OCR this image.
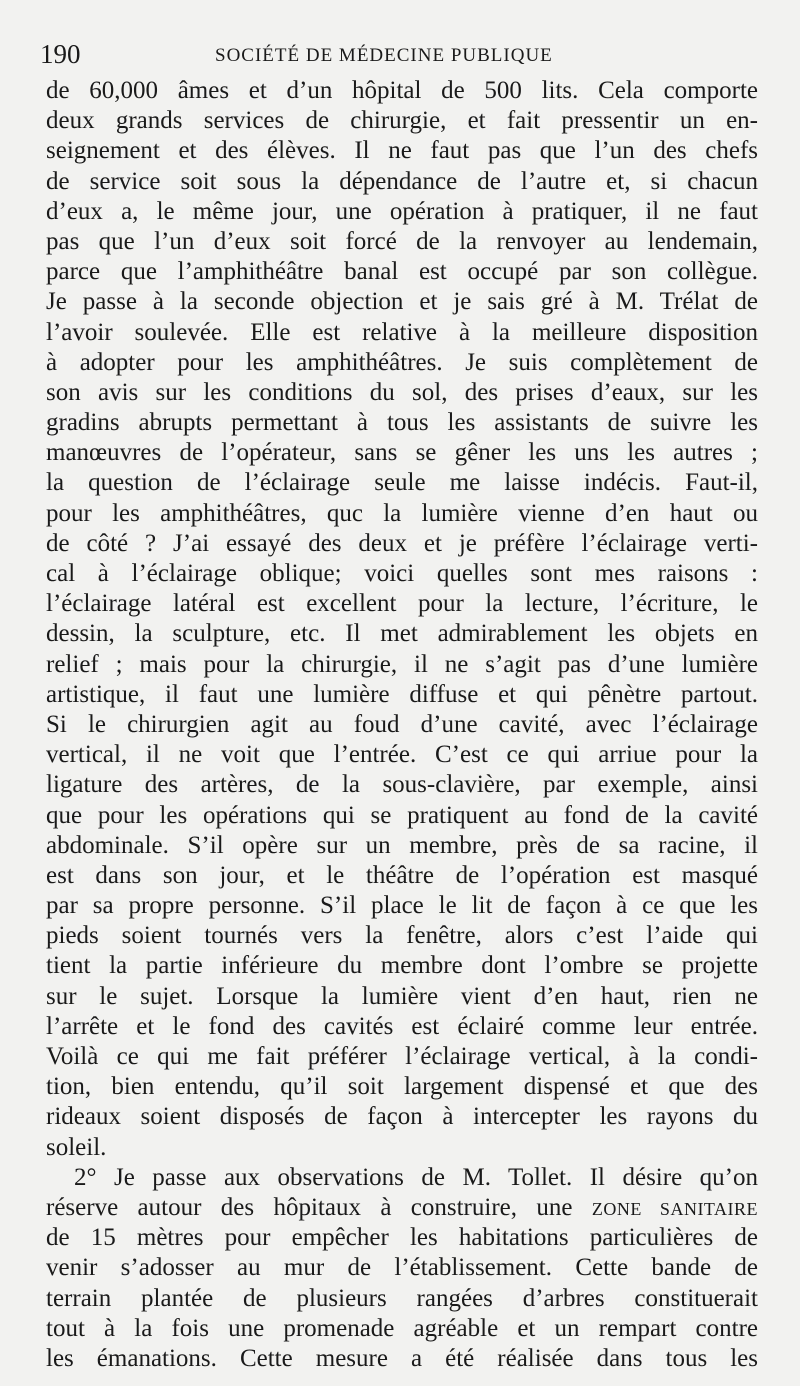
190	SOCIÉTÉ DE MÉDECINE PUBLIQUE
de 60,000 âmes et d’un hôpital de 500 lits. Cela comporte
deux grands services de chirurgie, et fait pressentir un en-
seignement et des élèves. Il ne faut pas que l’un des chefs
de service soit sous la dépendance de l’autre et, si chacun
d’eux a, le même jour, une opération à pratiquer, il ne faut
pas que l’un d’eux soit forcé de la renvoyer au lendemain,
parce que l’amphithéâtre banal est occupé par son collègue.
Je passe à la seconde objection et je sais gré à M. Trélat de
l’avoir soulevée. Elle est relative à la meilleure disposition
à adopter pour les amphithéâtres. Je suis complètement de
son avis sur les conditions du sol, des prises d’eaux, sur les
gradins abrupts permettant à tous les assistants de suivre les
manœuvres de l’opérateur, sans se gêner les uns les autres ;
la question de l’éclairage seule me laisse indécis. Faut-il,
pour les amphithéâtres, quc la lumière vienne d’en haut ou
de côté ? J’ai essayé des deux et je préfère l’éclairage verti-
cal à l’éclairage oblique; voici quelles sont mes raisons :
l’éclairage latéral est excellent pour la lecture, l’écriture, le
dessin, la sculpture, etc. Il met admirablement les objets en
relief ; mais pour la chirurgie, il ne s’agit pas d’une lumière
artistique, il faut une lumière diffuse et qui pênètre partout.
Si le chirurgien agit au foud d’une cavité, avec l’éclairage
vertical, il ne voit que l’entrée. C’est ce qui arriue pour la
ligature des artères, de la sous-clavière, par exemple, ainsi
que pour les opérations qui se pratiquent au fond de la cavité
abdominale. S’il opère sur un membre, près de sa racine, il
est dans son jour, et le théâtre de l’opération est masqué
par sa propre personne. S’il place le lit de façon à ce que les
pieds soient tournés vers la fenêtre, alors c’est l’aide qui
tient la partie inférieure du membre dont l’ombre se projette
sur le sujet. Lorsque la lumière vient d’en haut, rien ne
l’arrête et le fond des cavités est éclairé comme leur entrée.
Voilà ce qui me fait préférer l’éclairage vertical, à la condi-
tion, bien entendu, qu’il soit largement dispensé et que des
rideaux soient disposés de façon à intercepter les rayons du
soleil.
2° Je passe aux observations de M. Tollet. Il désire qu’on
réserve autour des hôpitaux à construire, une ZONE SANITAIRE
de 15 mètres pour empêcher les habitations particulières de
venir s’adosser au mur de l’établissement. Cette bande de
terrain plantée de plusieurs rangées d’arbres constituerait
tout à la fois une promenade agréable et un rempart contre
les émanations. Cette mesure a été réalisée dans tous les
